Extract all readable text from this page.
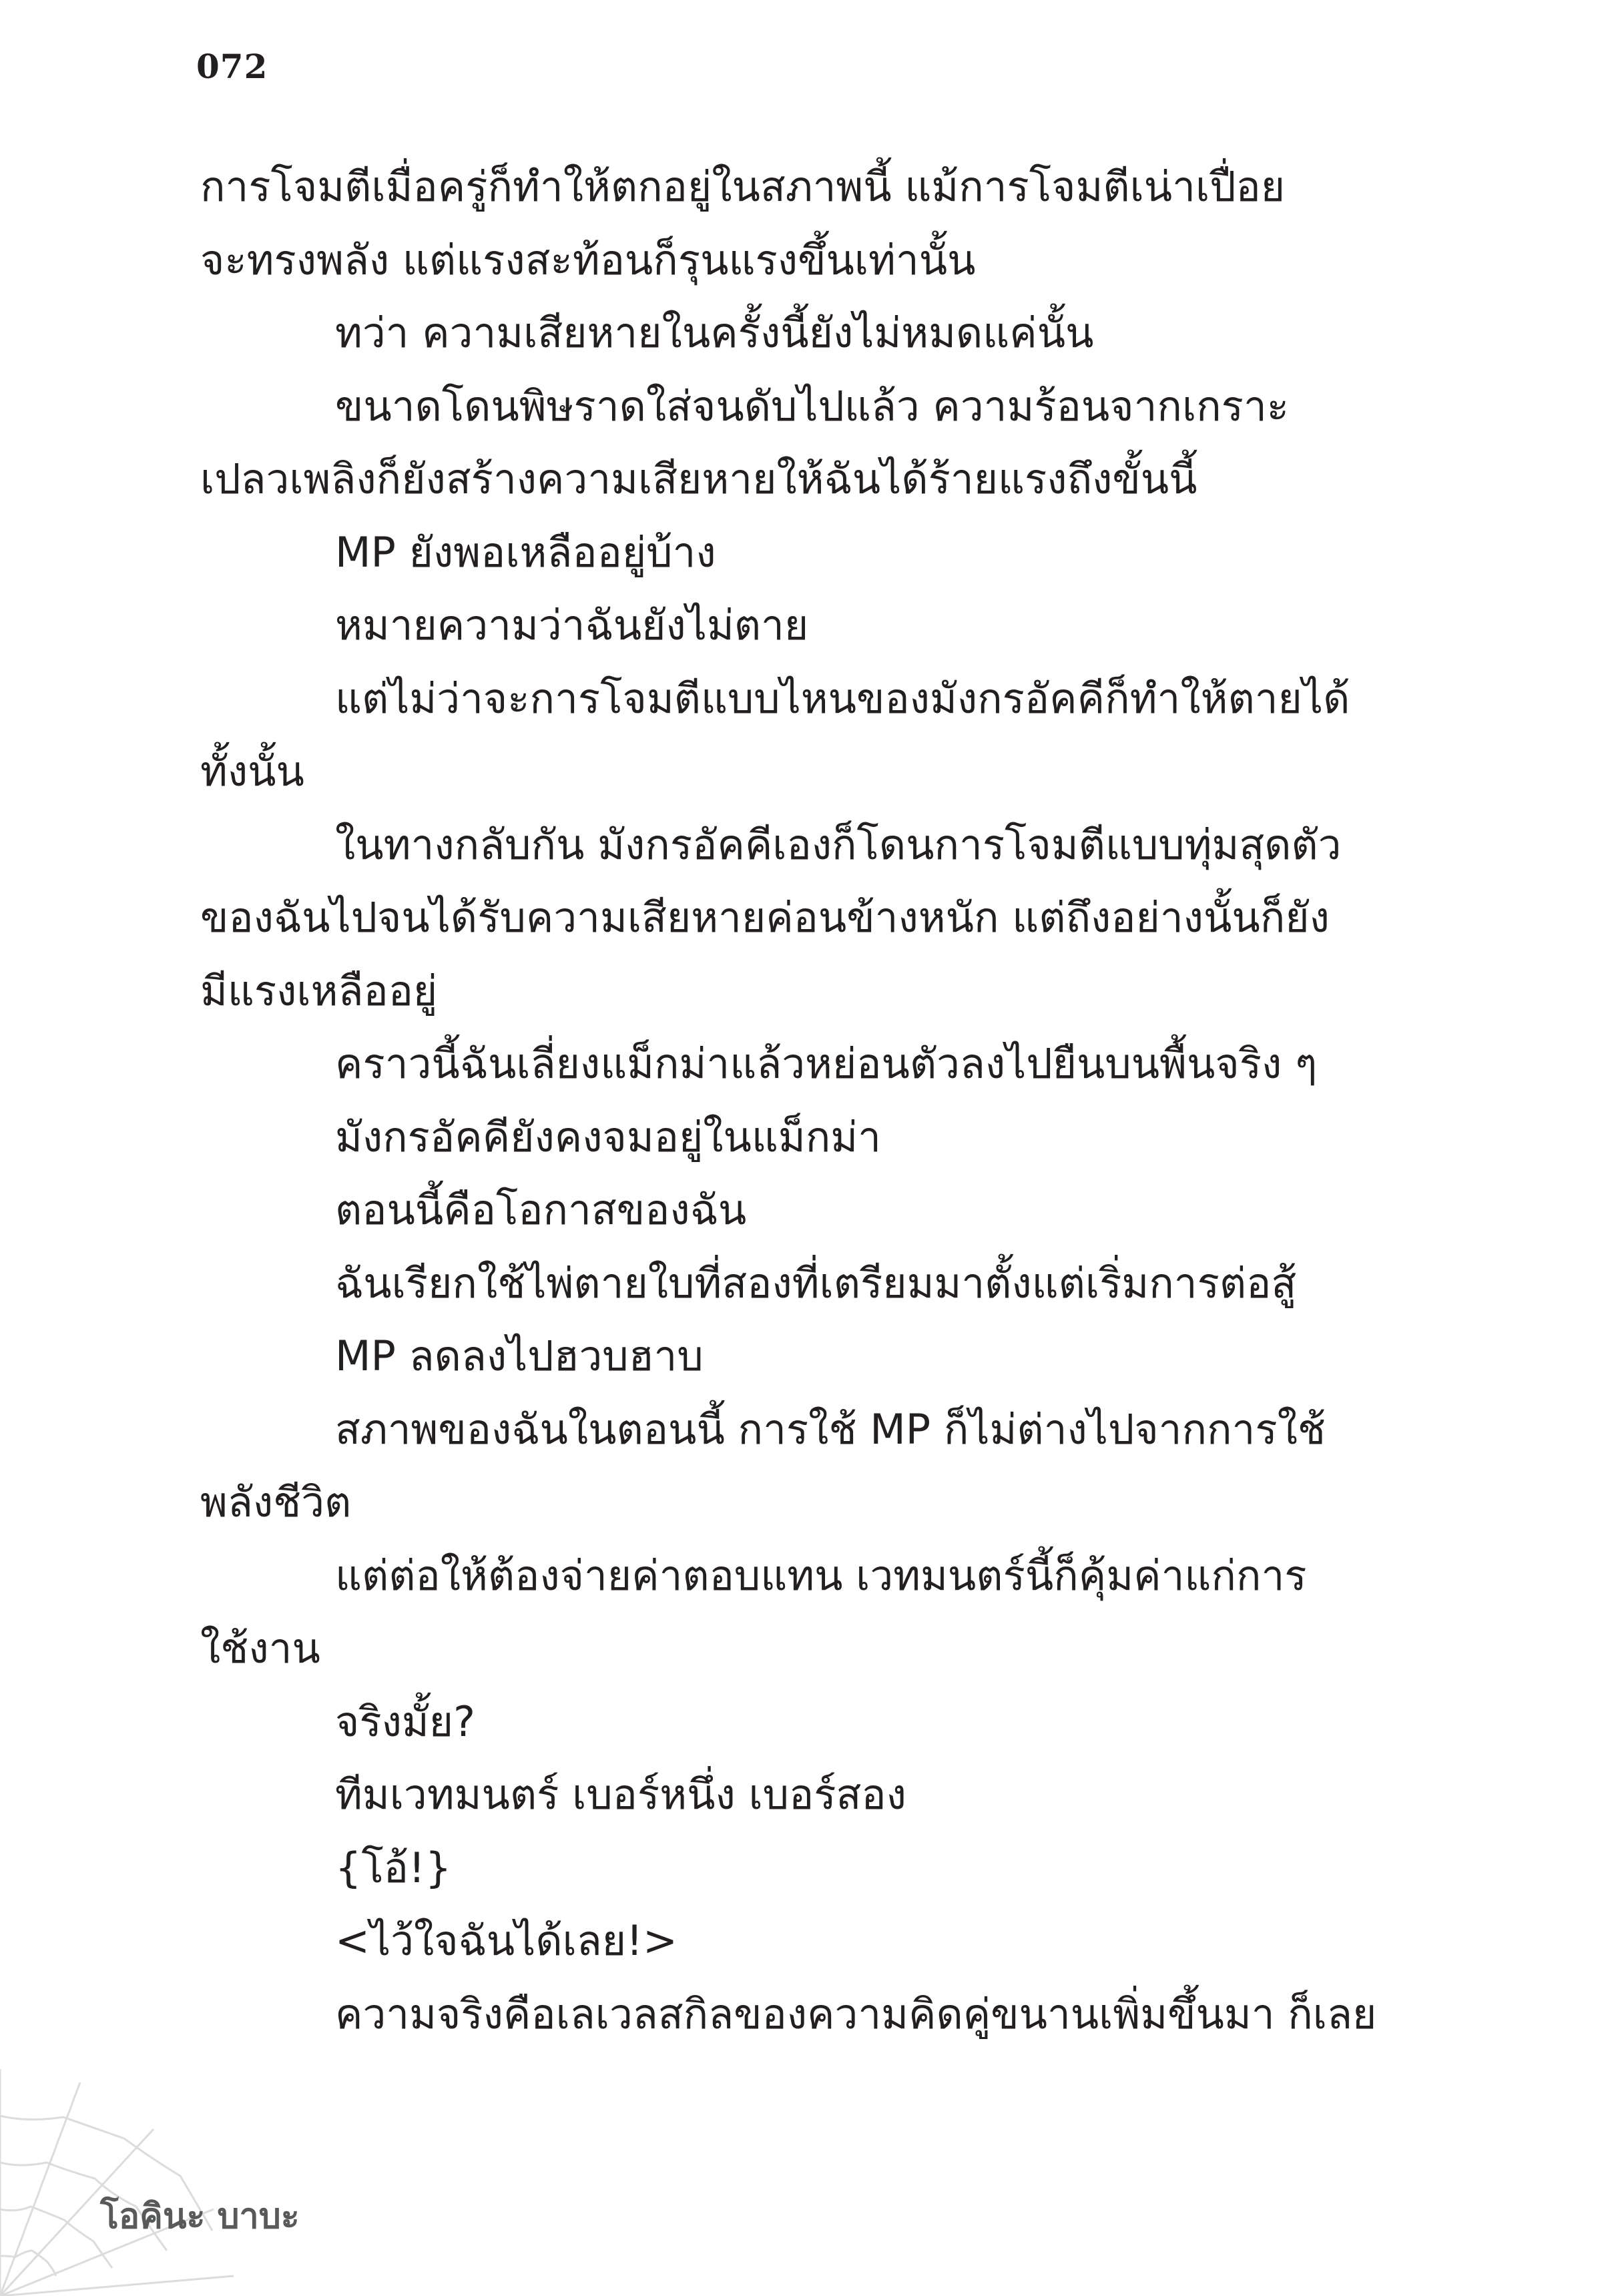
072
การโจมตีเมื่อครู่ก็ทำให้ตกอยู่ในสภาพนี้ แม้การโจมตีเน่าเปื่อย
จะทรงพลัง แต่แรงสะท้อนก็รุนแรงขึ้นเท่านั้น
ทว่า ความเสียหายในครั้งนี้ยังไม่หมดแค่นั้น
ขนาดโดนพิษราดใส่จนดับไปแล้ว ความร้อนจากเกราะ
เปลวเพลิงก็ยังสร้างความเสียหายให้ฉันได้ร้ายแรงถึงขั้นนี้
MP ยังพอเหลืออยู่บ้าง
หมายความว่าฉันยังไม่ตาย
แต่ไม่ว่าจะการโจมตีแบบไหนของมังกรอัคคีก็ทำให้ตายได้
ทั้งนั้น
ในทางกลับกัน มังกรอัคคีเองก็โดนการโจมตีแบบทุ่มสุดตัว
ของฉันไปจนได้รับความเสียหายค่อนข้างหนัก แต่ถึงอย่างนั้นก็ยัง
มีแรงเหลืออยู่
คราวนี้ฉันเลี่ยงแม็กม่าแล้วหย่อนตัวลงไปยืนบนพื้นจริง ๆ
มังกรอัคคียังคงจมอยู่ในแม็กม่า
ตอนนี้คือโอกาสของฉัน
ฉันเรียกใช้ไพ่ตายใบที่สองที่เตรียมมาตั้งแต่เริ่มการต่อสู้
MP ลดลงไปฮวบฮาบ
สภาพของฉันในตอนนี้ การใช้ MP ก็ไม่ต่างไปจากการใช้
พลังชีวิต
แต่ต่อให้ต้องจ่ายค่าตอบแทน เวทมนตร์นี้ก็คุ้มค่าแก่การ
ใช้งาน
จริงมั้ย?
ทีมเวทมนตร์ เบอร์หนึ่ง เบอร์สอง
{โอ้!}
<ไว้ใจฉันได้เลย!>
ความจริงคือเลเวลสกิลของความคิดคู่ขนานเพิ่มขึ้นมา ก็เลย
โอคินะ บาบะ
